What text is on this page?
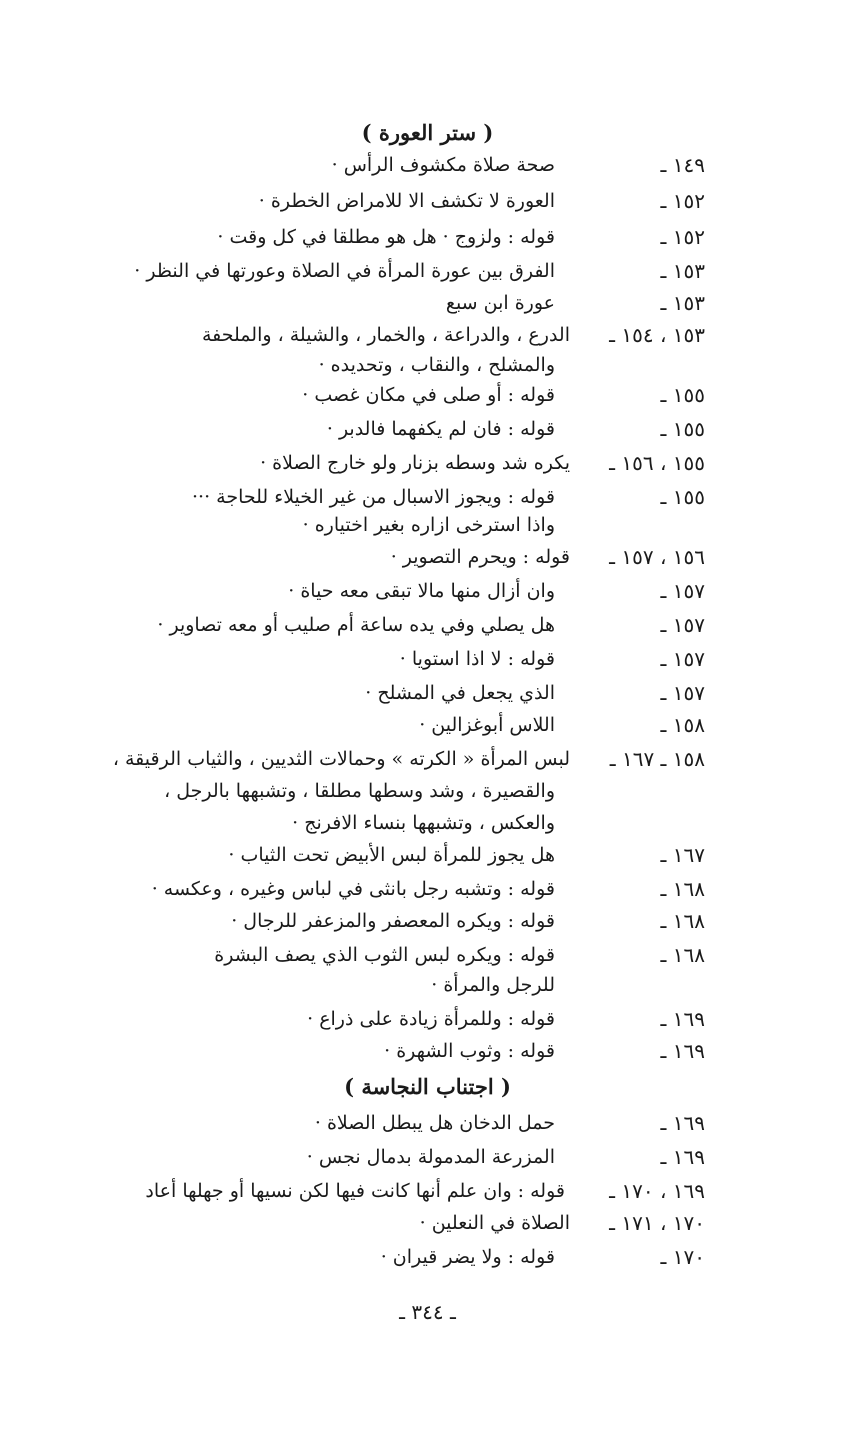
( ستر العورة )
١٤٩ ـ
صحة صلاة مكشوف الرأس ·
١٥٢ ـ
العورة لا تكشف الا للامراض الخطرة ·
١٥٢ ـ
قوله : ولزوج · هل هو مطلقا في كل وقت ·
١٥٣ ـ
الفرق بين عورة المرأة في الصلاة وعورتها في النظر ·
١٥٣ ـ
عورة ابن سبع
١٥٣ ، ١٥٤ ـ
الدرع ، والدراعة ، والخمار ، والشيلة ، والملحفة
والمشلح ، والنقاب ، وتحديده ·
١٥٥ ـ
قوله : أو صلى في مكان غصب ·
١٥٥ ـ
قوله : فان لم يكفهما فالدبر ·
١٥٥ ، ١٥٦ ـ
يكره شد وسطه بزنار ولو خارج الصلاة ·
١٥٥ ـ
قوله : ويجوز الاسبال من غير الخيلاء للحاجة ···
واذا استرخى ازاره بغير اختياره ·
١٥٦ ، ١٥٧ ـ
قوله : ويحرم التصوير ·
١٥٧ ـ
وان أزال منها مالا تبقى معه حياة ·
١٥٧ ـ
هل يصلي وفي يده ساعة أم صليب أو معه تصاوير ·
١٥٧ ـ
قوله : لا اذا استويا ·
١٥٧ ـ
الذي يجعل في المشلح ·
١٥٨ ـ
اللاس أبوغزالين ·
١٥٨ ـ ١٦٧ ـ
لبس المرأة « الكرته » وحمالات الثديين ، والثياب الرقيقة ،
والقصيرة ، وشد وسطها مطلقا ، وتشبهها بالرجل ،
والعكس ، وتشبهها بنساء الافرنج ·
١٦٧ ـ
هل يجوز للمرأة لبس الأبيض تحت الثياب ·
١٦٨ ـ
قوله : وتشبه رجل بانثى في لباس وغيره ، وعكسه ·
١٦٨ ـ
قوله : ويكره المعصفر والمزعفر للرجال ·
١٦٨ ـ
قوله : ويكره لبس الثوب الذي يصف البشرة
للرجل والمرأة ·
١٦٩ ـ
قوله : وللمرأة زيادة على ذراع ·
١٦٩ ـ
قوله : وثوب الشهرة ·
( اجتناب النجاسة )
١٦٩ ـ
حمل الدخان هل يبطل الصلاة ·
١٦٩ ـ
المزرعة المدمولة بدمال نجس ·
١٦٩ ، ١٧٠ ـ
قوله : وان علم أنها كانت فيها لكن نسيها أو جهلها أعاد
١٧٠ ، ١٧١ ـ
الصلاة في النعلين ·
١٧٠ ـ
قوله : ولا يضر قيران ·
ـ ٣٤٤ ـ
